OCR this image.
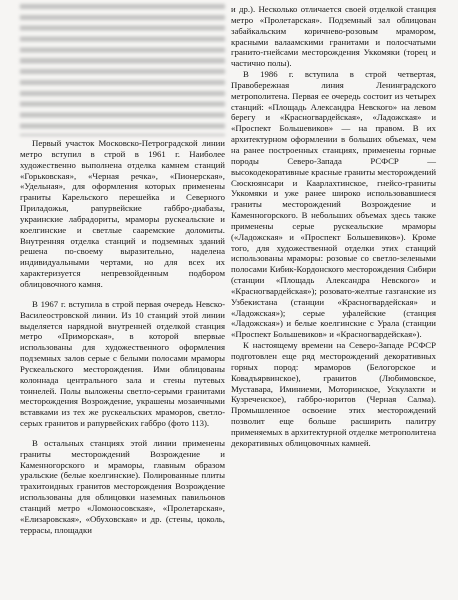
Первый участок Московско-Петроградской линии метро вступил в строй в 1961 г. Наиболее художественно выполнена отделка камнем станций «Горьковская», «Черная речка», «Пионерская», «Удельная», для оформления которых применены граниты Карельского перешейка и Северного Приладожья, рапурвейские габбро-диабазы, украинские лабрадориты, мраморы рускеальские и коелгинские и светлые саарeмские доломиты. Внутренняя отделка станций и подземных зданий решена по-своему выразительно, наделена индивидуальными чертами, но для всех их характеризуется непревзойденным подбором облицовочного камня.

В 1967 г. вступила в строй первая очередь Невско-Василеостровской линии. Из 10 станций этой линии выделяется нарядной внутренней отделкой станция метро «Приморская», в которой впервые использованы для художественного оформления подземных залов серые с белыми полосами мраморы Рускеальского месторождения. Ими облицованы колоннада центрального зала и стены путевых тоннелей. Полы выложены светло-серыми гранитами месторождения Возрождение, украшены мозаичными вставками из тех же рускеальских мраморов, светло-серых гранитов и рапурвейских габбро (фото 113).

В остальных станциях этой линии применены граниты месторождений Возрождение и Каменногорского и мраморы, главным образом уральские (белые коелгинские). Полированные плиты трахитоидных гранитов месторождения Возрождение использованы для облицовки наземных павильонов станций метро «Ломоносовская», «Пролетарская», «Елизаровская», «Обуховская» и др. (стены, цоколь, террасы, площадки

и др.). Несколько отличается своей отделкой станция метро «Пролетарская». Подземный зал облицован забайкальским коричнево-розовым мрамором, красными валаамскими гранитами и полосчатыми гранито-гнейсами месторождения Уккомяки (торец и частично полы).

В 1986 г. вступила в строй четвертая, Правобережная линия Ленинградского метрополитена. Первая ее очередь состоит из четырех станций: «Площадь Александра Невского» на левом берегу и «Красногвардейская», «Ладожская» и «Проспект Большевиков» — на правом. В их архитектурном оформлении в больших объемах, чем на ранее построенных станциях, применены горные породы Северо-Запада РСФСР — высокодекоративные красные граниты месторождений Сюскюянсари и Кааpлахтинское, гнейсо-граниты Уккомяки и уже ранее широко использовавшиеся граниты месторождений Возрождение и Каменногорского. В небольших объемах здесь также применены серые рускеальские мраморы («Ладожская» и «Проспект Большевиков»). Кроме того, для художественной отделки этих станций использованы мраморы: розовые со светло-зелеными полосами Кибик-Кордонского месторождения Сибири (станции «Площадь Александра Невского» и «Красногвардейская»); розовато-желтые газганские из Узбекистана (станции «Красногвардейская» и «Ладожская»); серые уфалейские (станция «Ладожская») и белые коелгинские с Урала (станции «Проспект Большевиков» и «Красногвардейская»).

К настоящему времени на Северо-Западе РСФСР подготовлен еще ряд месторождений декоративных горных пород: мраморов (Белогорское и Ковадъярвинское), гранитов (Любимовское, Муставара, Иминиеми, Моторинское, Ускулахти и Кузреченское), габбро-норитов (Черная Салма). Промышленное освоение этих месторождений позволит еще больше расширить палитру применяемых в архитектурной отделке метрополитена декоративных облицовочных камней.
